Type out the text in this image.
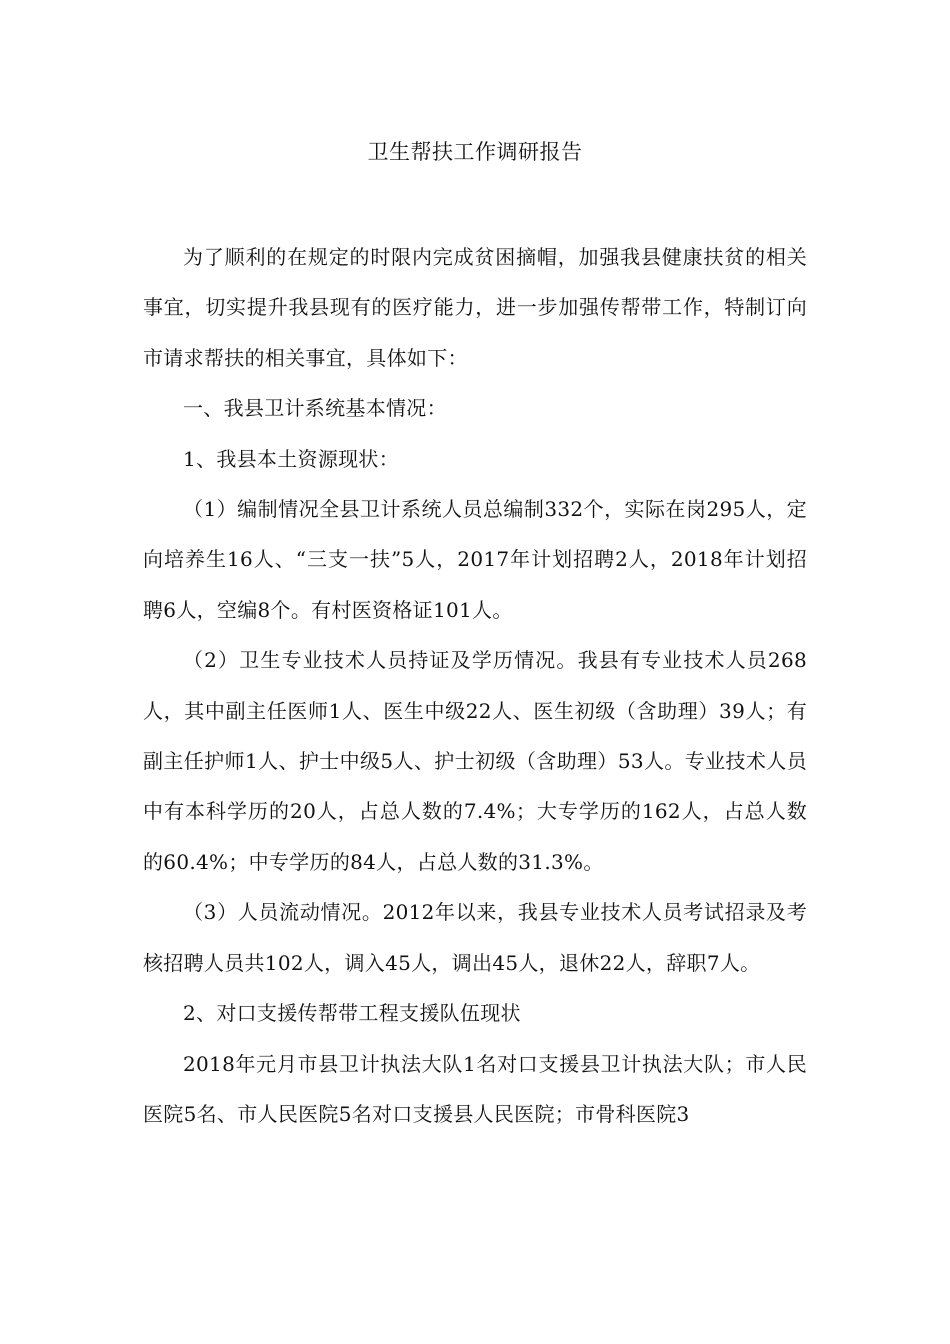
卫生帮扶工作调研报告

为了顺利的在规定的时限内完成贫困摘帽，加强我县健康扶贫的相关事宜，切实提升我县现有的医疗能力，进一步加强传帮带工作，特制订向市请求帮扶的相关事宜，具体如下：

一、我县卫计系统基本情况：

1、我县本土资源现状：

（1）编制情况全县卫计系统人员总编制332个，实际在岗295人，定向培养生16人、“三支一扶”5人，2017年计划招聘2人，2018年计划招聘6人，空编8个。有村医资格证101人。

（2）卫生专业技术人员持证及学历情况。我县有专业技术人员268人，其中副主任医师1人、医生中级22人、医生初级（含助理）39人；有副主任护师1人、护士中级5人、护士初级（含助理）53人。专业技术人员中有本科学历的20人，占总人数的7.4%；大专学历的162人，占总人数的60.4%；中专学历的84人，占总人数的31.3%。

（3）人员流动情况。2012年以来，我县专业技术人员考试招录及考核招聘人员共102人，调入45人，调出45人，退休22人，辞职7人。

2、对口支援传帮带工程支援队伍现状

2018年元月市县卫计执法大队1名对口支援县卫计执法大队；市人民医院5名、市人民医院5名对口支援县人民医院；市骨科医院3
